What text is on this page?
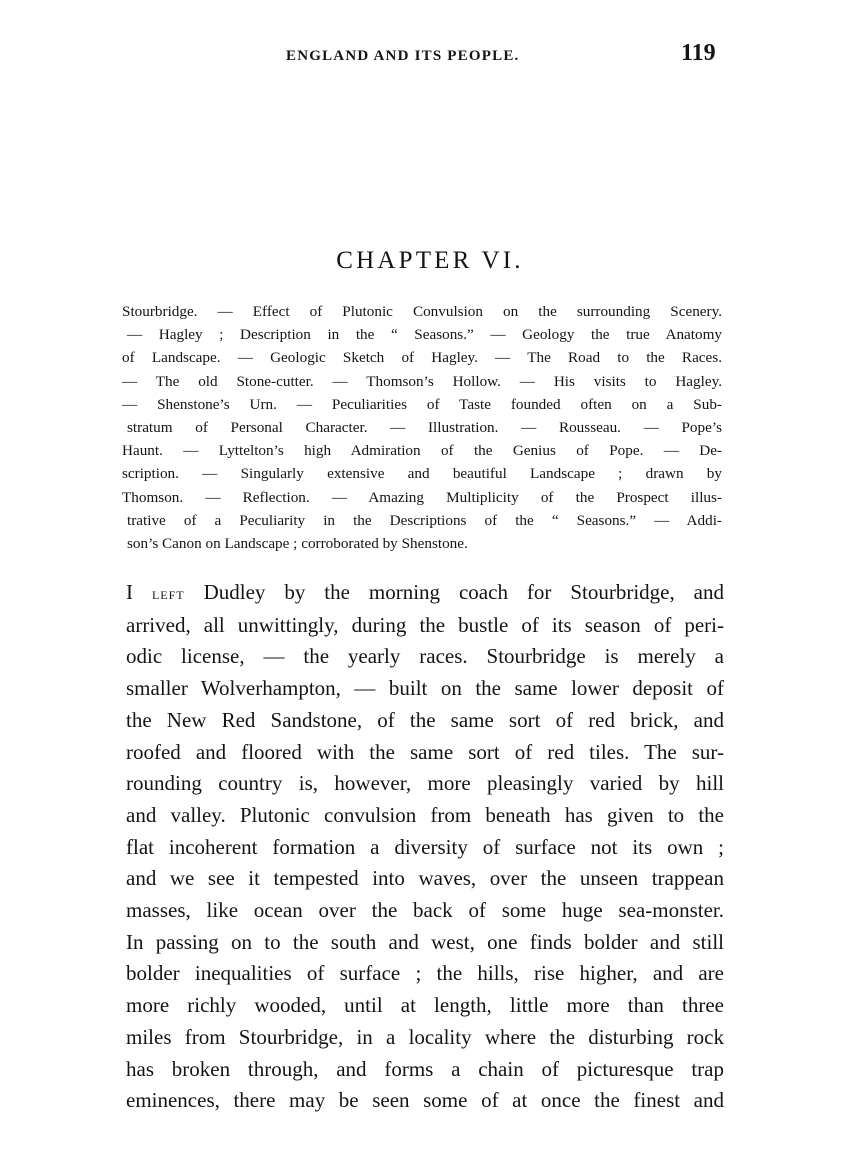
ENGLAND AND ITS PEOPLE.	119
CHAPTER VI.
Stourbridge. — Effect of Plutonic Convulsion on the surrounding Scenery.
— Hagley ; Description in the “ Seasons.” — Geology the true Anatomy
of Landscape. — Geologic Sketch of Hagley. — The Road to the Races.
— The old Stone-cutter. — Thomson’s Hollow. — His visits to Hagley.
— Shenstone’s Urn. — Peculiarities of Taste founded often on a Sub-
stratum of Personal Character. — Illustration. — Rousseau. — Pope’s
Haunt. — Lyttelton’s high Admiration of the Genius of Pope. — De-
scription. — Singularly extensive and beautiful Landscape ; drawn by
Thomson. — Reflection. — Amazing Multiplicity of the Prospect illus-
trative of a Peculiarity in the Descriptions of the “ Seasons.” — Addi-
son’s Canon on Landscape ; corroborated by Shenstone.
I left Dudley by the morning coach for Stourbridge, and
arrived, all unwittingly, during the bustle of its season of peri-
odic license, — the yearly races. Stourbridge is merely a
smaller Wolverhampton, — built on the same lower deposit of
the New Red Sandstone, of the same sort of red brick, and
roofed and floored with the same sort of red tiles. The sur-
rounding country is, however, more pleasingly varied by hill
and valley. Plutonic convulsion from beneath has given to the
flat incoherent formation a diversity of surface not its own ;
and we see it tempested into waves, over the unseen trappean
masses, like ocean over the back of some huge sea-monster.
In passing on to the south and west, one finds bolder and still
bolder inequalities of surface ; the hills, rise higher, and are
more richly wooded, until at length, little more than three
miles from Stourbridge, in a locality where the disturbing rock
has broken through, and forms a chain of picturesque trap
eminences, there may be seen some of at once the finest and
